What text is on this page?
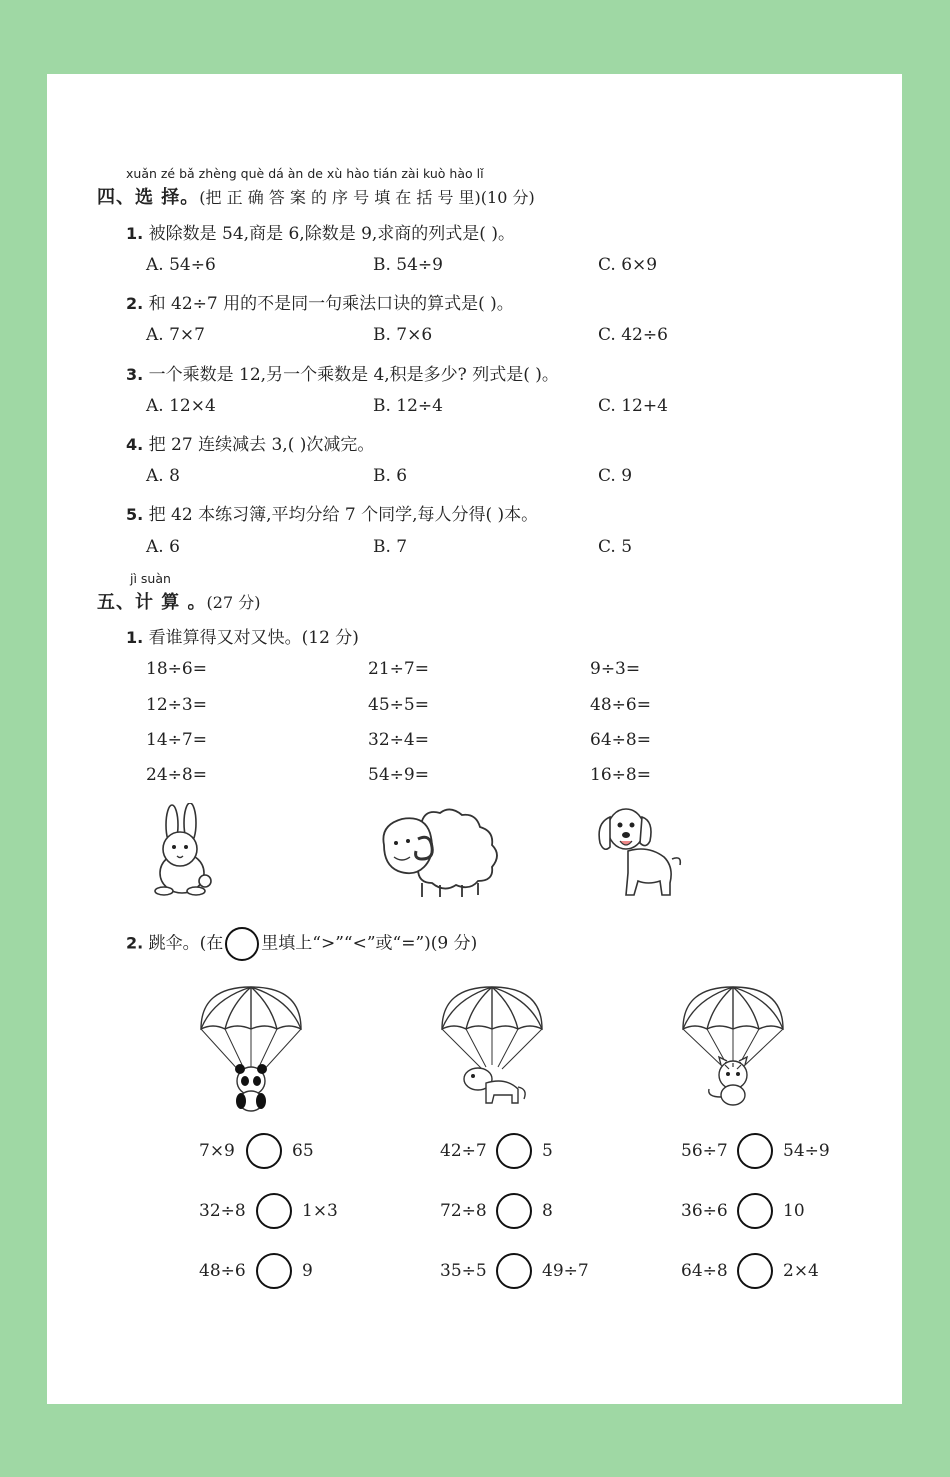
xuǎn zé bǎ zhèng què dá àn de xù hào tián zài kuò hào lǐ
四、选 择。(把 正 确 答 案 的 序 号 填 在 括 号 里)(10 分)
1. 被除数是 54,商是 6,除数是 9,求商的列式是( )。
A. 54÷6	B. 54÷9	C. 6×9
2. 和 42÷7 用的不是同一句乘法口诀的算式是( )。
A. 7×7	B. 7×6	C. 42÷6
3. 一个乘数是 12,另一个乘数是 4,积是多少? 列式是( )。
A. 12×4	B. 12÷4	C. 12+4
4. 把 27 连续减去 3,( )次减完。
A. 8	B. 6	C. 9
5. 把 42 本练习簿,平均分给 7 个同学,每人分得( )本。
A. 6	B. 7	C. 5
jì suàn
五、计 算 。(27 分)
1. 看谁算得又对又快。(12 分)
18÷6=	21÷7=	9÷3=
12÷3=	45÷5=	48÷6=
14÷7=	32÷4=	64÷8=
24÷8=	54÷9=	16÷8=
2. 跳伞。(在 里填上“>”“<”或“=”)(9 分)
7×9	65
32÷8	1×3
48÷6	9
42÷7	5
72÷8	8
35÷5	49÷7
56÷7	54÷9
36÷6	10
64÷8	2×4
